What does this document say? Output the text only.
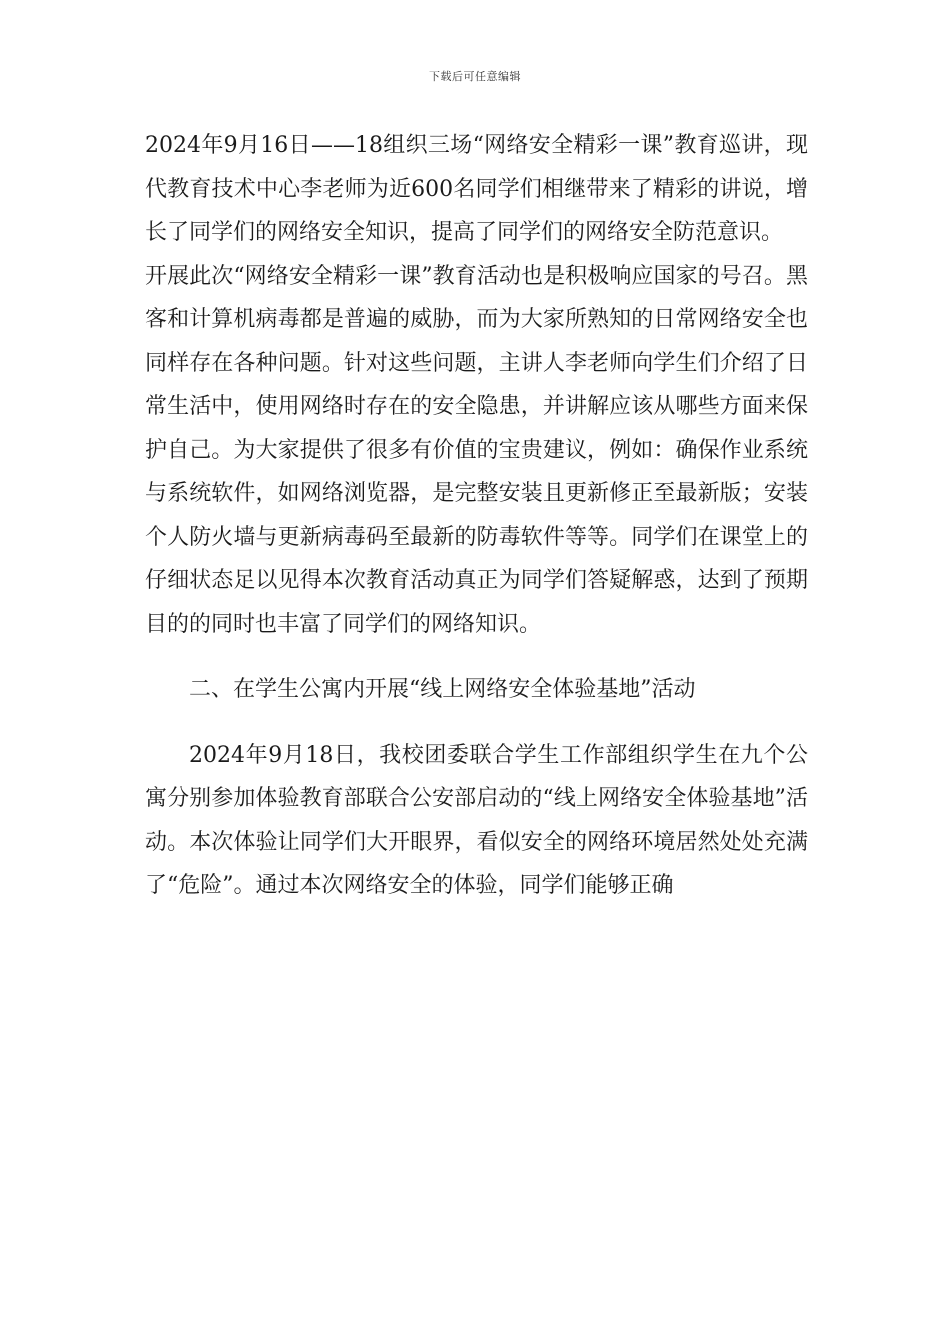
下载后可任意编辑

2024年9月16日——18组织三场“网络安全精彩一课”教育巡讲，现代教育技术中心李老师为近600名同学们相继带来了精彩的讲说，增长了同学们的网络安全知识，提高了同学们的网络安全防范意识。

开展此次“网络安全精彩一课”教育活动也是积极响应国家的号召。黑客和计算机病毒都是普遍的威胁，而为大家所熟知的日常网络安全也同样存在各种问题。针对这些问题，主讲人李老师向学生们介绍了日常生活中，使用网络时存在的安全隐患，并讲解应该从哪些方面来保护自己。为大家提供了很多有价值的宝贵建议，例如：确保作业系统与系统软件，如网络浏览器，是完整安装且更新修正至最新版；安装个人防火墙与更新病毒码至最新的防毒软件等等。同学们在课堂上的仔细状态足以见得本次教育活动真正为同学们答疑解惑，达到了预期目的的同时也丰富了同学们的网络知识。

二、在学生公寓内开展“线上网络安全体验基地”活动

2024年9月18日，我校团委联合学生工作部组织学生在九个公寓分别参加体验教育部联合公安部启动的“线上网络安全体验基地”活动。本次体验让同学们大开眼界，看似安全的网络环境居然处处充满了“危险”。通过本次网络安全的体验，同学们能够正确
